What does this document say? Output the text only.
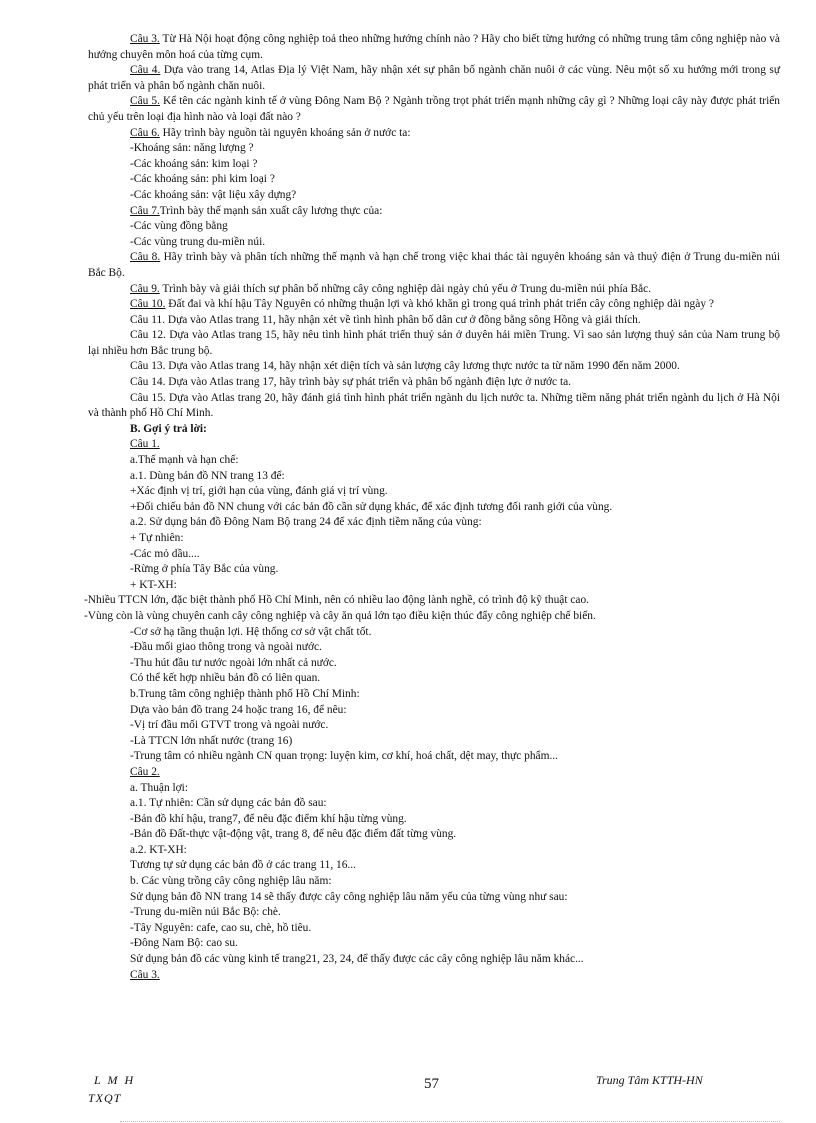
Câu 3. Từ Hà Nội hoạt động công nghiệp toả theo những hướng chính nào ? Hãy cho biết từng hướng có những trung tâm công nghiệp nào và hướng chuyên môn hoá của từng cụm.

Câu 4. Dựa vào trang 14, Atlas Địa lý Việt Nam, hãy nhận xét sự phân bố ngành chăn nuôi ở các vùng. Nêu một số xu hướng mới trong sự phát triển và phân bố ngành chăn nuôi.

Câu 5. Kể tên các ngành kinh tế ở vùng Đông Nam Bộ ? Ngành trồng trọt phát triển mạnh những cây gì ? Những loại cây này được phát triển chủ yếu trên loại địa hình nào và loại đất nào ?

Câu 6. Hãy trình bày nguồn tài nguyên khoáng sản ở nước ta:

-Khoáng sản: năng lượng ?

-Các khoáng sản: kim loại ?

-Các khoáng sản: phi kim loại ?

-Các khoáng sản: vật liệu xây dựng?

Câu 7.Trình bày thế mạnh sản xuất cây lương thực của:

-Các vùng đồng bằng

-Các vùng trung du-miền núi.

Câu 8. Hãy trình bày và phân tích những thế mạnh và hạn chế trong việc khai thác tài nguyên khoáng sản và thuỷ điện ở Trung du-miền núi Bắc Bộ.

Câu 9. Trình bày và giải thích sự phân bố những cây công nghiệp dài ngày chủ yếu ở Trung du-miền núi phía Bắc.

Câu 10. Đất đai và khí hậu Tây Nguyên có những thuận lợi và khó khăn gì trong quá trình phát triển cây công nghiệp dài ngày ?

Câu 11. Dựa vào Atlas trang 11, hãy nhận xét về tình hình phân bố dân cư ở đồng bằng sông Hồng và giải thích.

Câu 12. Dựa vào Atlas trang 15, hãy nêu tình hình phát triển thuỷ sản ở duyên hải miền Trung. Vì sao sản lượng thuỷ sản của Nam trung bộ lại nhiều hơn Bắc trung bộ.

Câu 13. Dựa vào Atlas trang 14, hãy nhận xét diện tích và sản lượng cây lương thực nước ta từ năm 1990 đến năm 2000.

Câu 14. Dựa vào Atlas trang 17, hãy trình bày sự phát triển và phân bố ngành điện lực ở nước ta.

Câu 15. Dựa vào Atlas trang 20, hãy đánh giá tình hình phát triển ngành du lịch nước ta. Những tiềm năng phát triển ngành du lịch ở Hà Nội và thành phố Hồ Chí Minh.

B. Gợi ý trả lời:

Câu 1.

a.Thế mạnh và hạn chế:

a.1. Dùng bản đồ NN trang 13 để:

+Xác định vị trí, giới hạn của vùng, đánh giá vị trí vùng.

+Đối chiếu bản đồ NN chung với các bản đồ cần sử dụng khác, để xác định tương đối ranh giới của vùng.

a.2. Sử dụng bản đồ Đông Nam Bộ trang 24 để xác định tiềm năng của vùng:

+ Tự nhiên:

-Các mỏ dầu....

-Rừng ở phía Tây Bắc của vùng.

+ KT-XH:

-Nhiều TTCN lớn, đặc biệt thành phố Hồ Chí Minh, nên có nhiều lao động lành nghề, có trình độ kỹ thuật cao.

-Vùng còn là vùng chuyên canh cây công nghiệp và cây ăn quả lớn tạo điều kiện thúc đẩy công nghiệp chế biến.

-Cơ sở hạ tầng thuận lợi. Hệ thống cơ sở vật chất tốt.

-Đầu mối giao thông trong và ngoài nước.

-Thu hút đầu tư nước ngoài lớn nhất cả nước.

Có thể kết hợp nhiều bản đồ có liên quan.

b.Trung tâm công nghiệp thành phố Hồ Chí Minh:

Dựa vào bản đồ trang 24 hoặc trang 16, để nêu:

-Vị trí đầu mối GTVT trong và ngoài nước.

-Là TTCN lớn nhất nước (trang 16)

-Trung tâm có nhiều ngành CN quan trọng: luyện kim, cơ khí, hoá chất, dệt may, thực phẩm...

Câu 2.

a. Thuận lợi:

a.1. Tự nhiên: Cần sử dụng các bản đồ sau:

-Bản đồ khí hậu, trang7, để nêu đặc điểm khí hậu từng vùng.

-Bản đồ Đất-thực vật-động vật, trang 8, để nêu đặc điểm đất từng vùng.

a.2. KT-XH:

Tương tự sử dụng các bản đồ ở các trang 11, 16...

b. Các vùng trồng cây công nghiệp lâu năm:

Sử dụng bản đồ NN trang 14 sẽ thấy được cây công nghiệp lâu năm yếu của từng vùng như sau:

-Trung du-miền núi Bắc Bộ: chè.

-Tây Nguyên: cafe, cao su, chè, hồ tiêu.

-Đông Nam Bộ: cao su.

Sử dụng bản đồ các vùng kinh tế trang21, 23, 24, để thấy được các cây công nghiệp lâu năm khác...

Câu 3.

L M H
TXQT
57	Trung Tâm KTTH-HN
